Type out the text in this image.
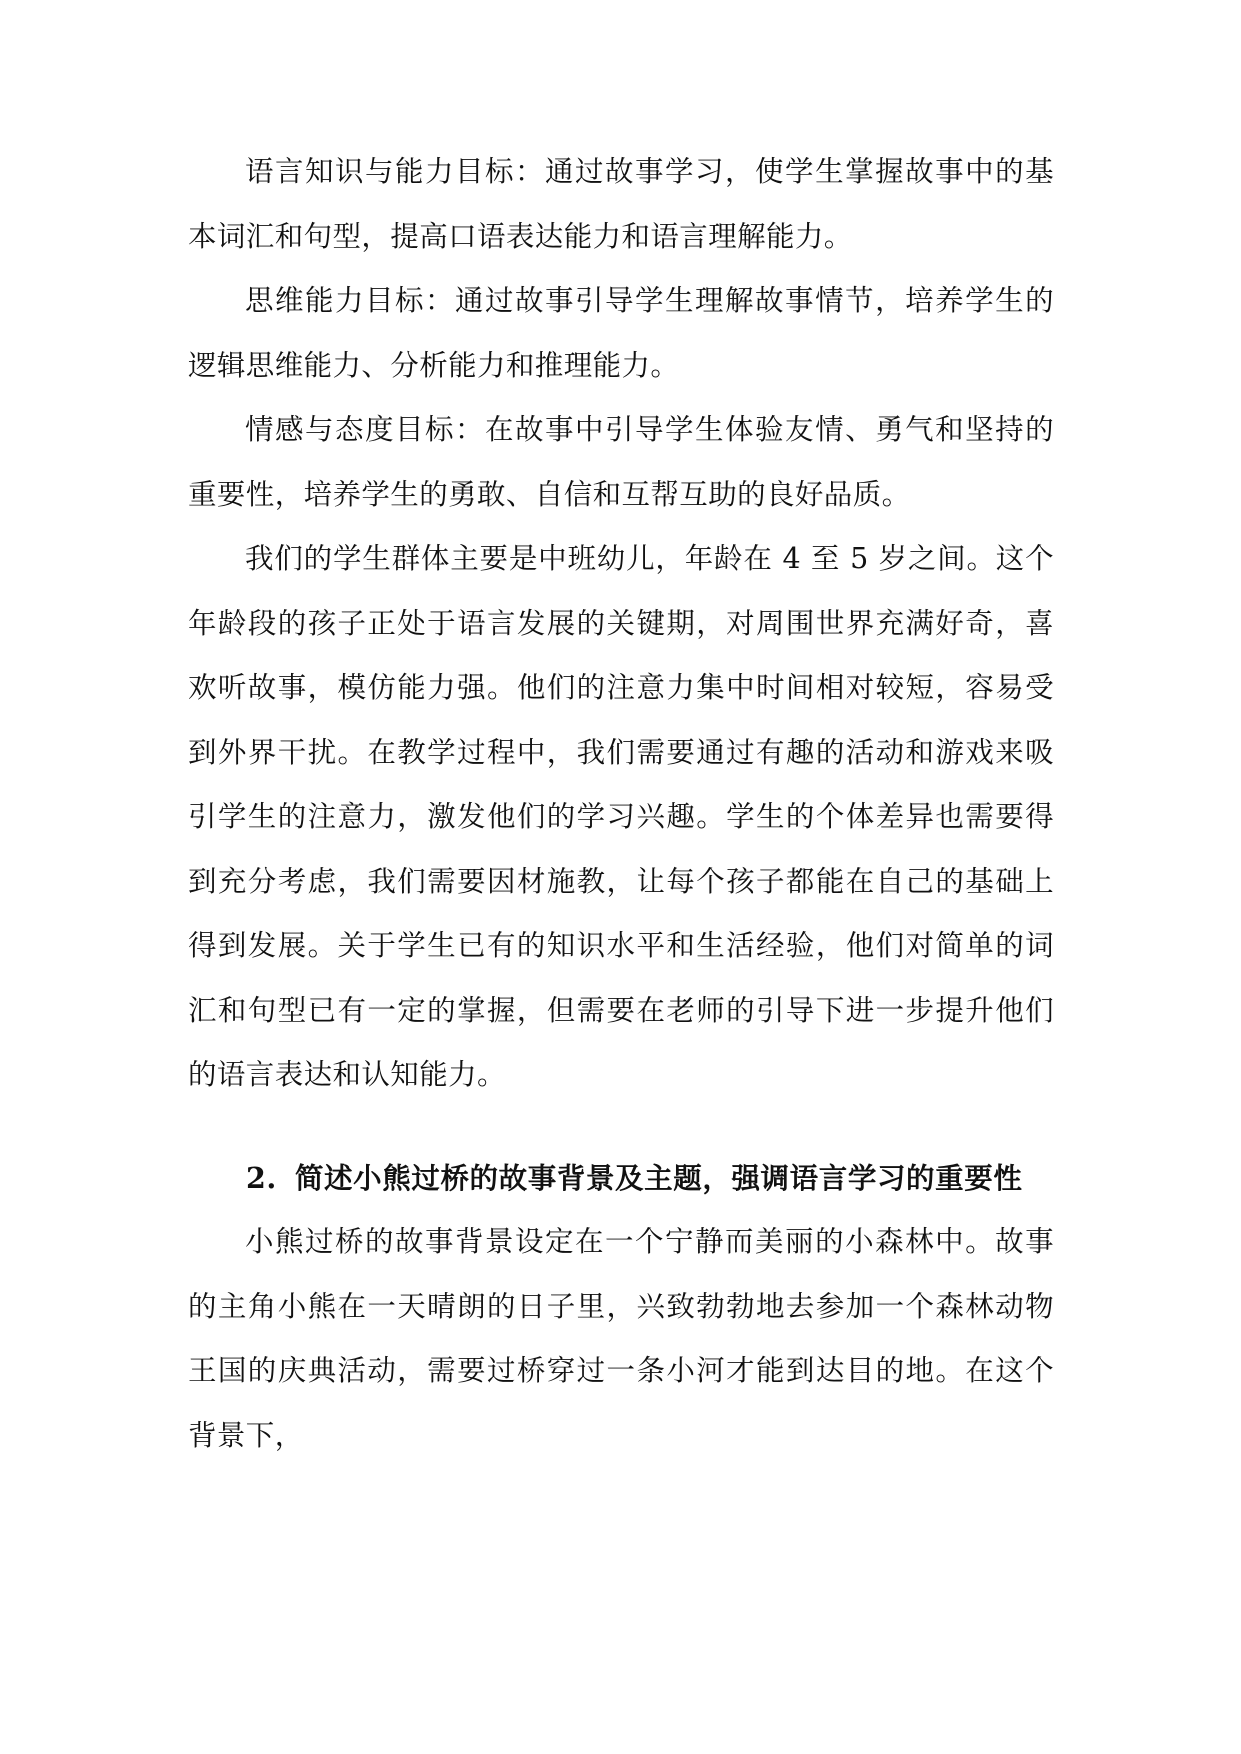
语言知识与能力目标：通过故事学习，使学生掌握故事中的基本词汇和句型，提高口语表达能力和语言理解能力。

思维能力目标：通过故事引导学生理解故事情节，培养学生的逻辑思维能力、分析能力和推理能力。

情感与态度目标：在故事中引导学生体验友情、勇气和坚持的重要性，培养学生的勇敢、自信和互帮互助的良好品质。

我们的学生群体主要是中班幼儿，年龄在 4 至 5 岁之间。这个年龄段的孩子正处于语言发展的关键期，对周围世界充满好奇，喜欢听故事，模仿能力强。他们的注意力集中时间相对较短，容易受到外界干扰。在教学过程中，我们需要通过有趣的活动和游戏来吸引学生的注意力，激发他们的学习兴趣。学生的个体差异也需要得到充分考虑，我们需要因材施教，让每个孩子都能在自己的基础上得到发展。关于学生已有的知识水平和生活经验，他们对简单的词汇和句型已有一定的掌握，但需要在老师的引导下进一步提升他们的语言表达和认知能力。

2. 简述小熊过桥的故事背景及主题，强调语言学习的重要性

小熊过桥的故事背景设定在一个宁静而美丽的小森林中。故事的主角小熊在一天晴朗的日子里，兴致勃勃地去参加一个森林动物王国的庆典活动，需要过桥穿过一条小河才能到达目的地。在这个背景下，
